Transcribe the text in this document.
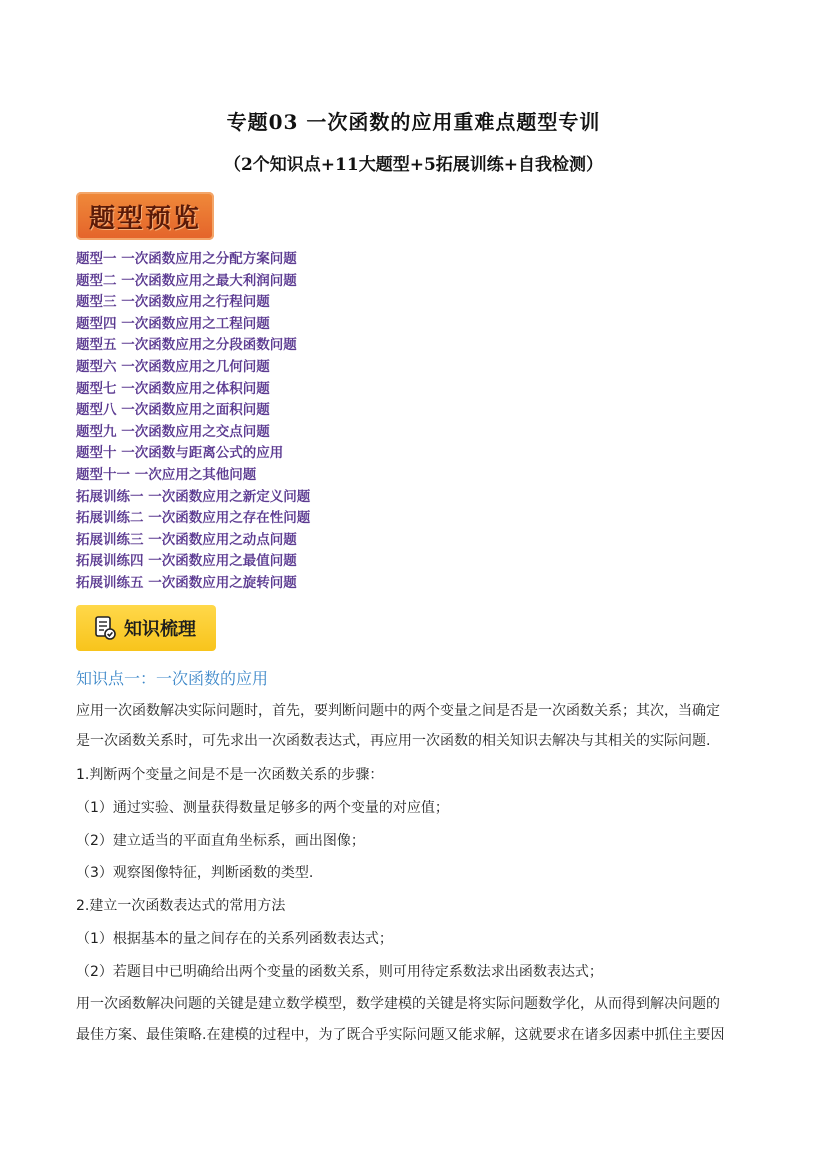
专题03 一次函数的应用重难点题型专训
（2个知识点+11大题型+5拓展训练+自我检测）
题型预览
题型一 一次函数应用之分配方案问题
题型二 一次函数应用之最大利润问题
题型三 一次函数应用之行程问题
题型四 一次函数应用之工程问题
题型五 一次函数应用之分段函数问题
题型六 一次函数应用之几何问题
题型七 一次函数应用之体积问题
题型八 一次函数应用之面积问题
题型九 一次函数应用之交点问题
题型十 一次函数与距离公式的应用
题型十一 一次应用之其他问题
拓展训练一 一次函数应用之新定义问题
拓展训练二 一次函数应用之存在性问题
拓展训练三 一次函数应用之动点问题
拓展训练四 一次函数应用之最值问题
拓展训练五 一次函数应用之旋转问题
知识梳理
知识点一：一次函数的应用
应用一次函数解决实际问题时，首先，要判断问题中的两个变量之间是否是一次函数关系；其次，当确定
是一次函数关系时，可先求出一次函数表达式，再应用一次函数的相关知识去解决与其相关的实际问题.
1.判断两个变量之间是不是一次函数关系的步骤：
（1）通过实验、测量获得数量足够多的两个变量的对应值；
（2）建立适当的平面直角坐标系，画出图像；
（3）观察图像特征，判断函数的类型.
2.建立一次函数表达式的常用方法
（1）根据基本的量之间存在的关系列函数表达式；
（2）若题目中已明确给出两个变量的函数关系，则可用待定系数法求出函数表达式；
用一次函数解决问题的关键是建立数学模型，数学建模的关键是将实际问题数学化，从而得到解决问题的
最佳方案、最佳策略.在建模的过程中，为了既合乎实际问题又能求解，这就要求在诸多因素中抓住主要因
